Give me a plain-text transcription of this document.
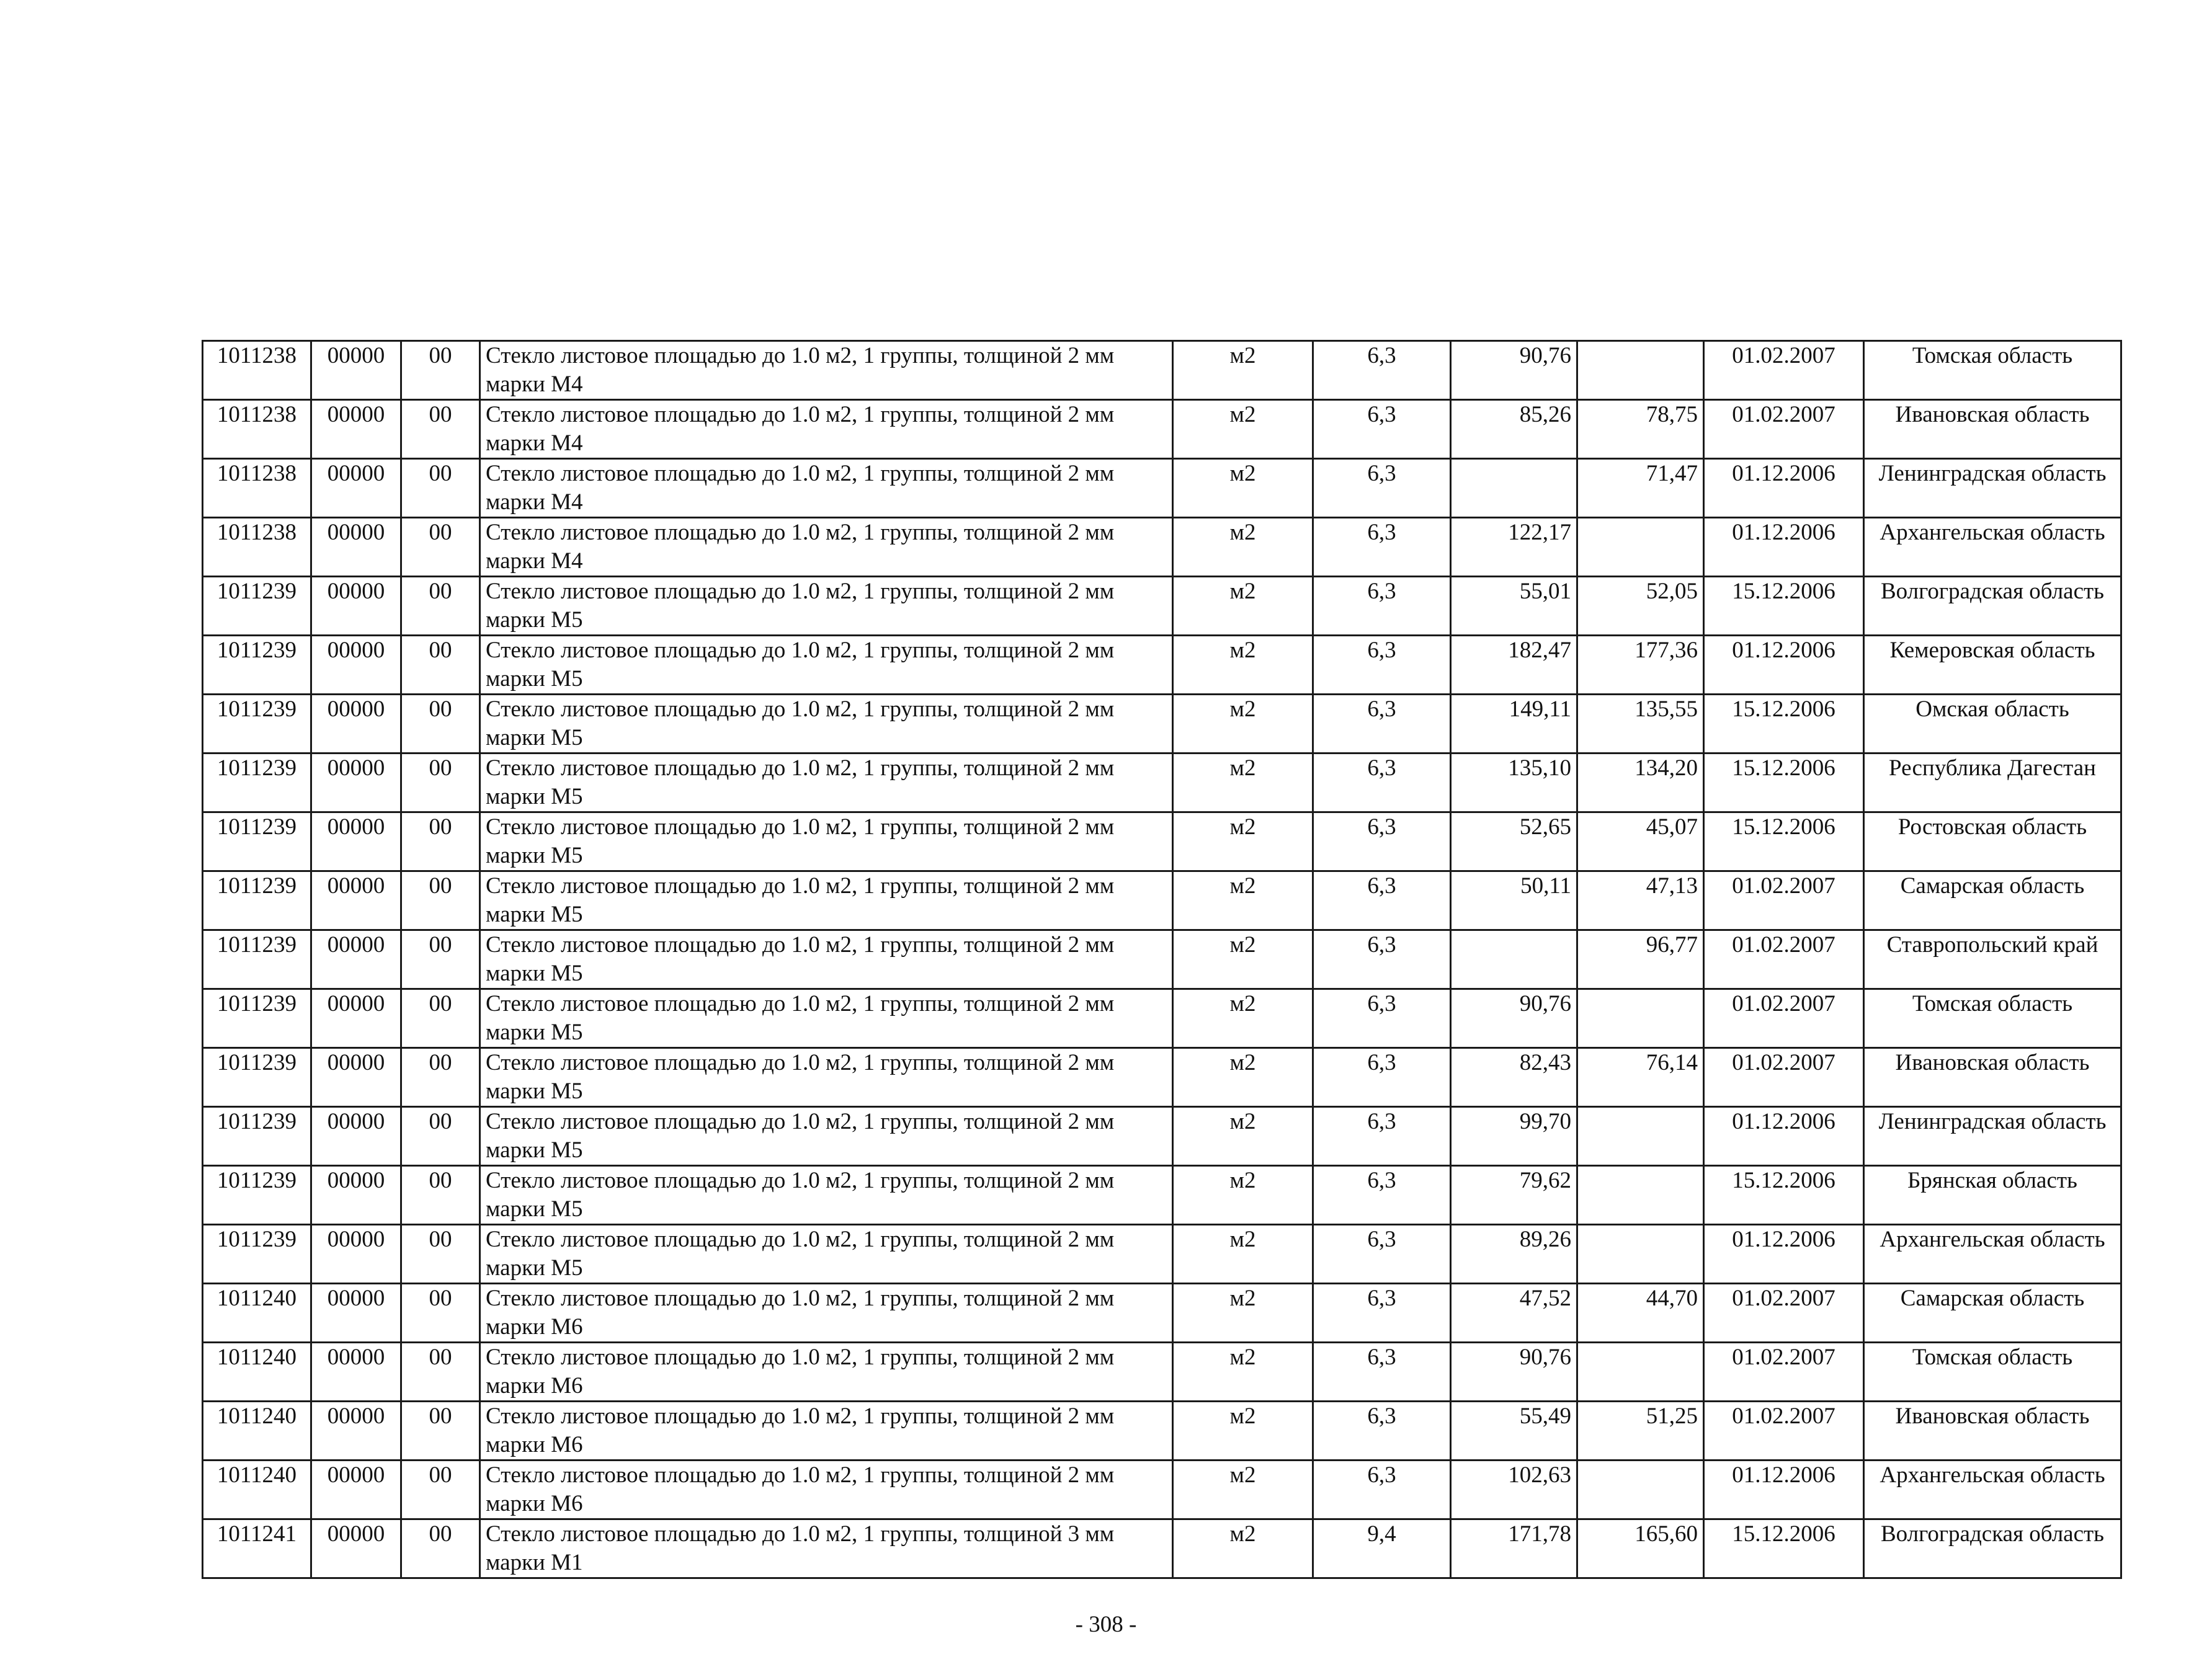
1011238	00000	00	Стекло листовое площадью до 1.0 м2, 1 группы, толщиной 2 мм марки М4	м2	6,3	90,76		01.02.2007	Томская область
1011238	00000	00	Стекло листовое площадью до 1.0 м2, 1 группы, толщиной 2 мм марки М4	м2	6,3	85,26	78,75	01.02.2007	Ивановская область
1011238	00000	00	Стекло листовое площадью до 1.0 м2, 1 группы, толщиной 2 мм марки М4	м2	6,3		71,47	01.12.2006	Ленинградская область
1011238	00000	00	Стекло листовое площадью до 1.0 м2, 1 группы, толщиной 2 мм марки М4	м2	6,3	122,17		01.12.2006	Архангельская область
1011239	00000	00	Стекло листовое площадью до 1.0 м2, 1 группы, толщиной 2 мм марки М5	м2	6,3	55,01	52,05	15.12.2006	Волгоградская область
1011239	00000	00	Стекло листовое площадью до 1.0 м2, 1 группы, толщиной 2 мм марки М5	м2	6,3	182,47	177,36	01.12.2006	Кемеровская область
1011239	00000	00	Стекло листовое площадью до 1.0 м2, 1 группы, толщиной 2 мм марки М5	м2	6,3	149,11	135,55	15.12.2006	Омская область
1011239	00000	00	Стекло листовое площадью до 1.0 м2, 1 группы, толщиной 2 мм марки М5	м2	6,3	135,10	134,20	15.12.2006	Республика Дагестан
1011239	00000	00	Стекло листовое площадью до 1.0 м2, 1 группы, толщиной 2 мм марки М5	м2	6,3	52,65	45,07	15.12.2006	Ростовская область
1011239	00000	00	Стекло листовое площадью до 1.0 м2, 1 группы, толщиной 2 мм марки М5	м2	6,3	50,11	47,13	01.02.2007	Самарская область
1011239	00000	00	Стекло листовое площадью до 1.0 м2, 1 группы, толщиной 2 мм марки М5	м2	6,3		96,77	01.02.2007	Ставропольский край
1011239	00000	00	Стекло листовое площадью до 1.0 м2, 1 группы, толщиной 2 мм марки М5	м2	6,3	90,76		01.02.2007	Томская область
1011239	00000	00	Стекло листовое площадью до 1.0 м2, 1 группы, толщиной 2 мм марки М5	м2	6,3	82,43	76,14	01.02.2007	Ивановская область
1011239	00000	00	Стекло листовое площадью до 1.0 м2, 1 группы, толщиной 2 мм марки М5	м2	6,3	99,70		01.12.2006	Ленинградская область
1011239	00000	00	Стекло листовое площадью до 1.0 м2, 1 группы, толщиной 2 мм марки М5	м2	6,3	79,62		15.12.2006	Брянская область
1011239	00000	00	Стекло листовое площадью до 1.0 м2, 1 группы, толщиной 2 мм марки М5	м2	6,3	89,26		01.12.2006	Архангельская область
1011240	00000	00	Стекло листовое площадью до 1.0 м2, 1 группы, толщиной 2 мм марки М6	м2	6,3	47,52	44,70	01.02.2007	Самарская область
1011240	00000	00	Стекло листовое площадью до 1.0 м2, 1 группы, толщиной 2 мм марки М6	м2	6,3	90,76		01.02.2007	Томская область
1011240	00000	00	Стекло листовое площадью до 1.0 м2, 1 группы, толщиной 2 мм марки М6	м2	6,3	55,49	51,25	01.02.2007	Ивановская область
1011240	00000	00	Стекло листовое площадью до 1.0 м2, 1 группы, толщиной 2 мм марки М6	м2	6,3	102,63		01.12.2006	Архангельская область
1011241	00000	00	Стекло листовое площадью до 1.0 м2, 1 группы, толщиной 3 мм марки М1	м2	9,4	171,78	165,60	15.12.2006	Волгоградская область
- 308 -
